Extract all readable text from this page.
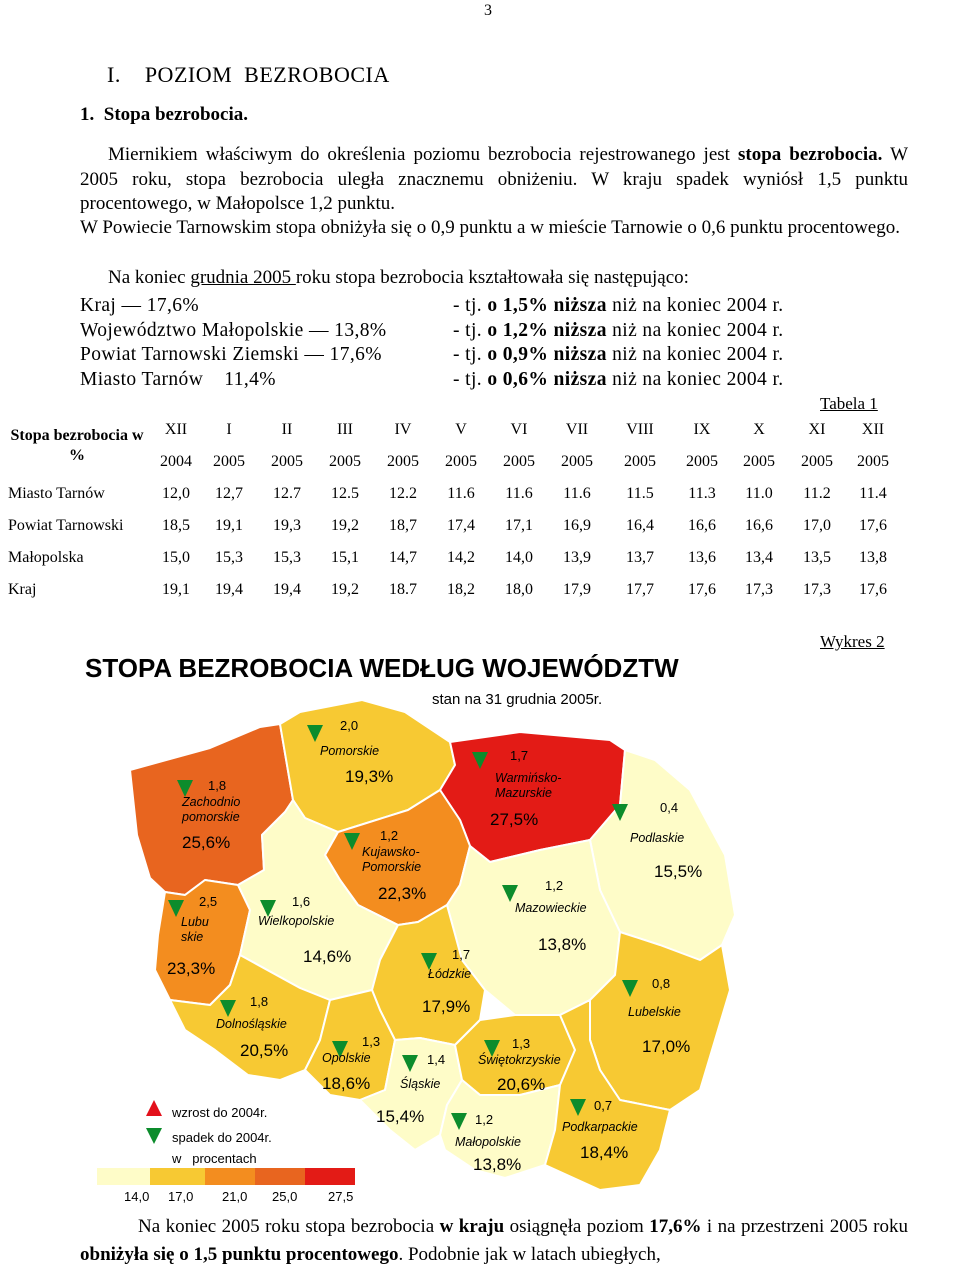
3
I.    POZIOM  BEZROBOCIA
1.  Stopa bezrobocia.
Miernikiem właściwym do określenia poziomu bezrobocia rejestrowanego jest stopa bezrobocia. W 2005 roku, stopa bezrobocia uległa znacznemu obniżeniu. W kraju spadek wyniósł 1,5 punktu procentowego, w Małopolsce 1,2 punktu.
W Powiecie Tarnowskim stopa obniżyła się o 0,9 punktu a w mieście Tarnowie o 0,6 punktu procentowego.
Na koniec grudnia 2005 roku stopa bezrobocia kształtowała się następująco:
Kraj — 17,6%	- tj. o 1,5% niższa niż na koniec 2004 r.
Województwo Małopolskie — 13,8%	- tj. o 1,2% niższa niż na koniec 2004 r.
Powiat Tarnowski Ziemski — 17,6%	- tj. o 0,9% niższa niż na koniec 2004 r.
Miasto Tarnów    11,4%	- tj. o 0,6% niższa niż na koniec 2004 r.
Tabela 1
Stopa bezrobocia w %	XII	I	II	III	IV	V	VI	VII	VIII	IX	X	XI	XII
	2004	2005	2005	2005	2005	2005	2005	2005	2005	2005	2005	2005	2005
Miasto Tarnów	12,0	12,7	12.7	12.5	12.2	11.6	11.6	11.6	11.5	11.3	11.0	11.2	11.4
Powiat Tarnowski	18,5	19,1	19,3	19,2	18,7	17,4	17,1	16,9	16,4	16,6	16,6	17,0	17,6
Małopolska	15,0	15,3	15,3	15,1	14,7	14,2	14,0	13,9	13,7	13,6	13,4	13,5	13,8
Kraj	19,1	19,4	19,4	19,2	18.7	18,2	18,0	17,9	17,7	17,6	17,3	17,3	17,6
Wykres 2
STOPA BEZROBOCIA WEDŁUG WOJEWÓDZTW
stan na 31 grudnia 2005r.
1,8
Zachodnio pomorskie
25,6%
2,0
Pomorskie
19,3%
1,7
Warmińsko-Mazurskie
27,5%
0,4
Podlaskie
15,5%
1,2
Kujawsko-Pomorskie
22,3%
2,5
Lubu skie
23,3%
1,6
Wielkopolskie
14,6%
1,2
Mazowieckie
13,8%
1,7
Łódzkie
17,9%
0,8
Lubelskie
17,0%
1,8
Dolnośląskie
20,5%	1,3
Opolskie
18,6%
1,4
Śląskie
15,4%
1,3
Świętokrzyskie
20,6%
1,2
Małopolskie
13,8%
0,7
Podkarpackie
18,4%
wzrost do 2004r.
spadek do 2004r.
w   procentach
14,0 17,0 21,0 25,0 27,5
Na koniec 2005 roku stopa bezrobocia w kraju osiągnęła poziom 17,6% i na przestrzeni 2005 roku obniżyła się o 1,5 punktu procentowego. Podobnie jak w latach ubiegłych,
